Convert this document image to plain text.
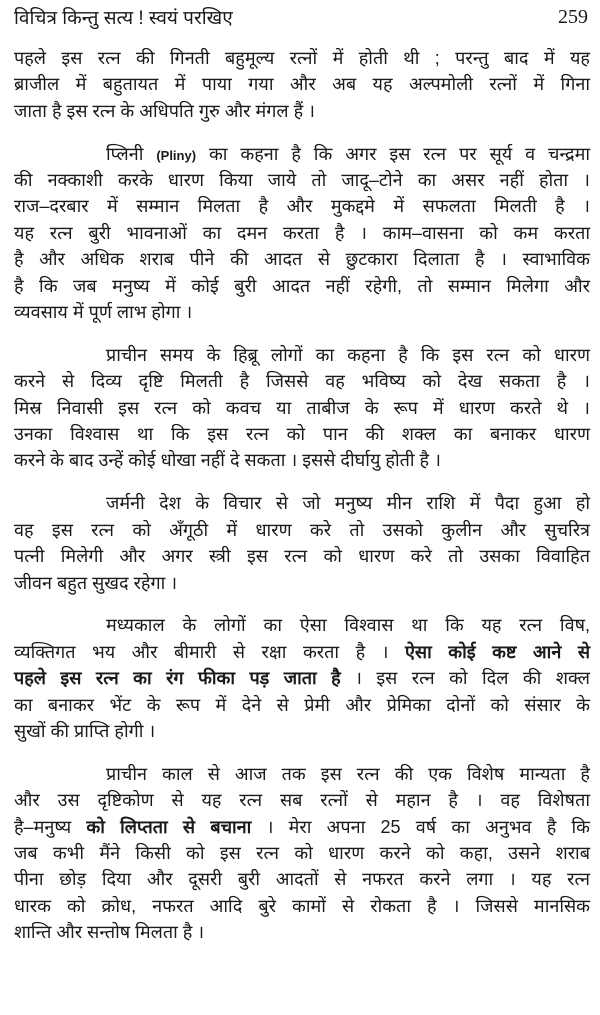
विचित्र किन्तु सत्य ! स्वयं परखिए	259
पहले इस रत्न की गिनती बहुमूल्य रत्नों में होती थी ; परन्तु बाद में यह
ब्राजील में बहुतायत में पाया गया और अब यह अल्पमोली रत्नों में गिना
जाता है इस रत्न के अधिपति गुरु और मंगल हैं ।
प्लिनी (Pliny) का कहना है कि अगर इस रत्न पर सूर्य व चन्द्रमा
की नक्काशी करके धारण किया जाये तो जादू–टोने का असर नहीं होता ।
राज–दरबार में सम्मान मिलता है और मुकद्दमे में सफलता मिलती है ।
यह रत्न बुरी भावनाओं का दमन करता है । काम–वासना को कम करता
है और अधिक शराब पीने की आदत से छुटकारा दिलाता है । स्वाभाविक
है कि जब मनुष्य में कोई बुरी आदत नहीं रहेगी, तो सम्मान मिलेगा और
व्यवसाय में पूर्ण लाभ होगा ।
प्राचीन समय के हिब्रू लोगों का कहना है कि इस रत्न को धारण
करने से दिव्य दृष्टि मिलती है जिससे वह भविष्य को देख सकता है ।
मिस्र निवासी इस रत्न को कवच या ताबीज के रूप में धारण करते थे ।
उनका विश्वास था कि इस रत्न को पान की शक्ल का बनाकर धारण
करने के बाद उन्हें कोई धोखा नहीं दे सकता । इससे दीर्घायु होती है ।
जर्मनी देश के विचार से जो मनुष्य मीन राशि में पैदा हुआ हो
वह इस रत्न को अँगूठी में धारण करे तो उसको कुलीन और सुचरित्र
पत्नी मिलेगी और अगर स्त्री इस रत्न को धारण करे तो उसका विवाहित
जीवन बहुत सुखद रहेगा ।
मध्यकाल के लोगों का ऐसा विश्वास था कि यह रत्न विष,
व्यक्तिगत भय और बीमारी से रक्षा करता है । ऐसा कोई कष्ट आने से
पहले इस रत्न का रंग फीका पड़ जाता है । इस रत्न को दिल की शक्ल
का बनाकर भेंट के रूप में देने से प्रेमी और प्रेमिका दोनों को संसार के
सुखों की प्राप्ति होगी ।
प्राचीन काल से आज तक इस रत्न की एक विशेष मान्यता है
और उस दृष्टिकोण से यह रत्न सब रत्नों से महान है । वह विशेषता
है–मनुष्य को लिप्तता से बचाना । मेरा अपना 25 वर्ष का अनुभव है कि
जब कभी मैंने किसी को इस रत्न को धारण करने को कहा, उसने शराब
पीना छोड़ दिया और दूसरी बुरी आदतों से नफरत करने लगा । यह रत्न
धारक को क्रोध, नफरत आदि बुरे कामों से रोकता है । जिससे मानसिक
शान्ति और सन्तोष मिलता है ।
